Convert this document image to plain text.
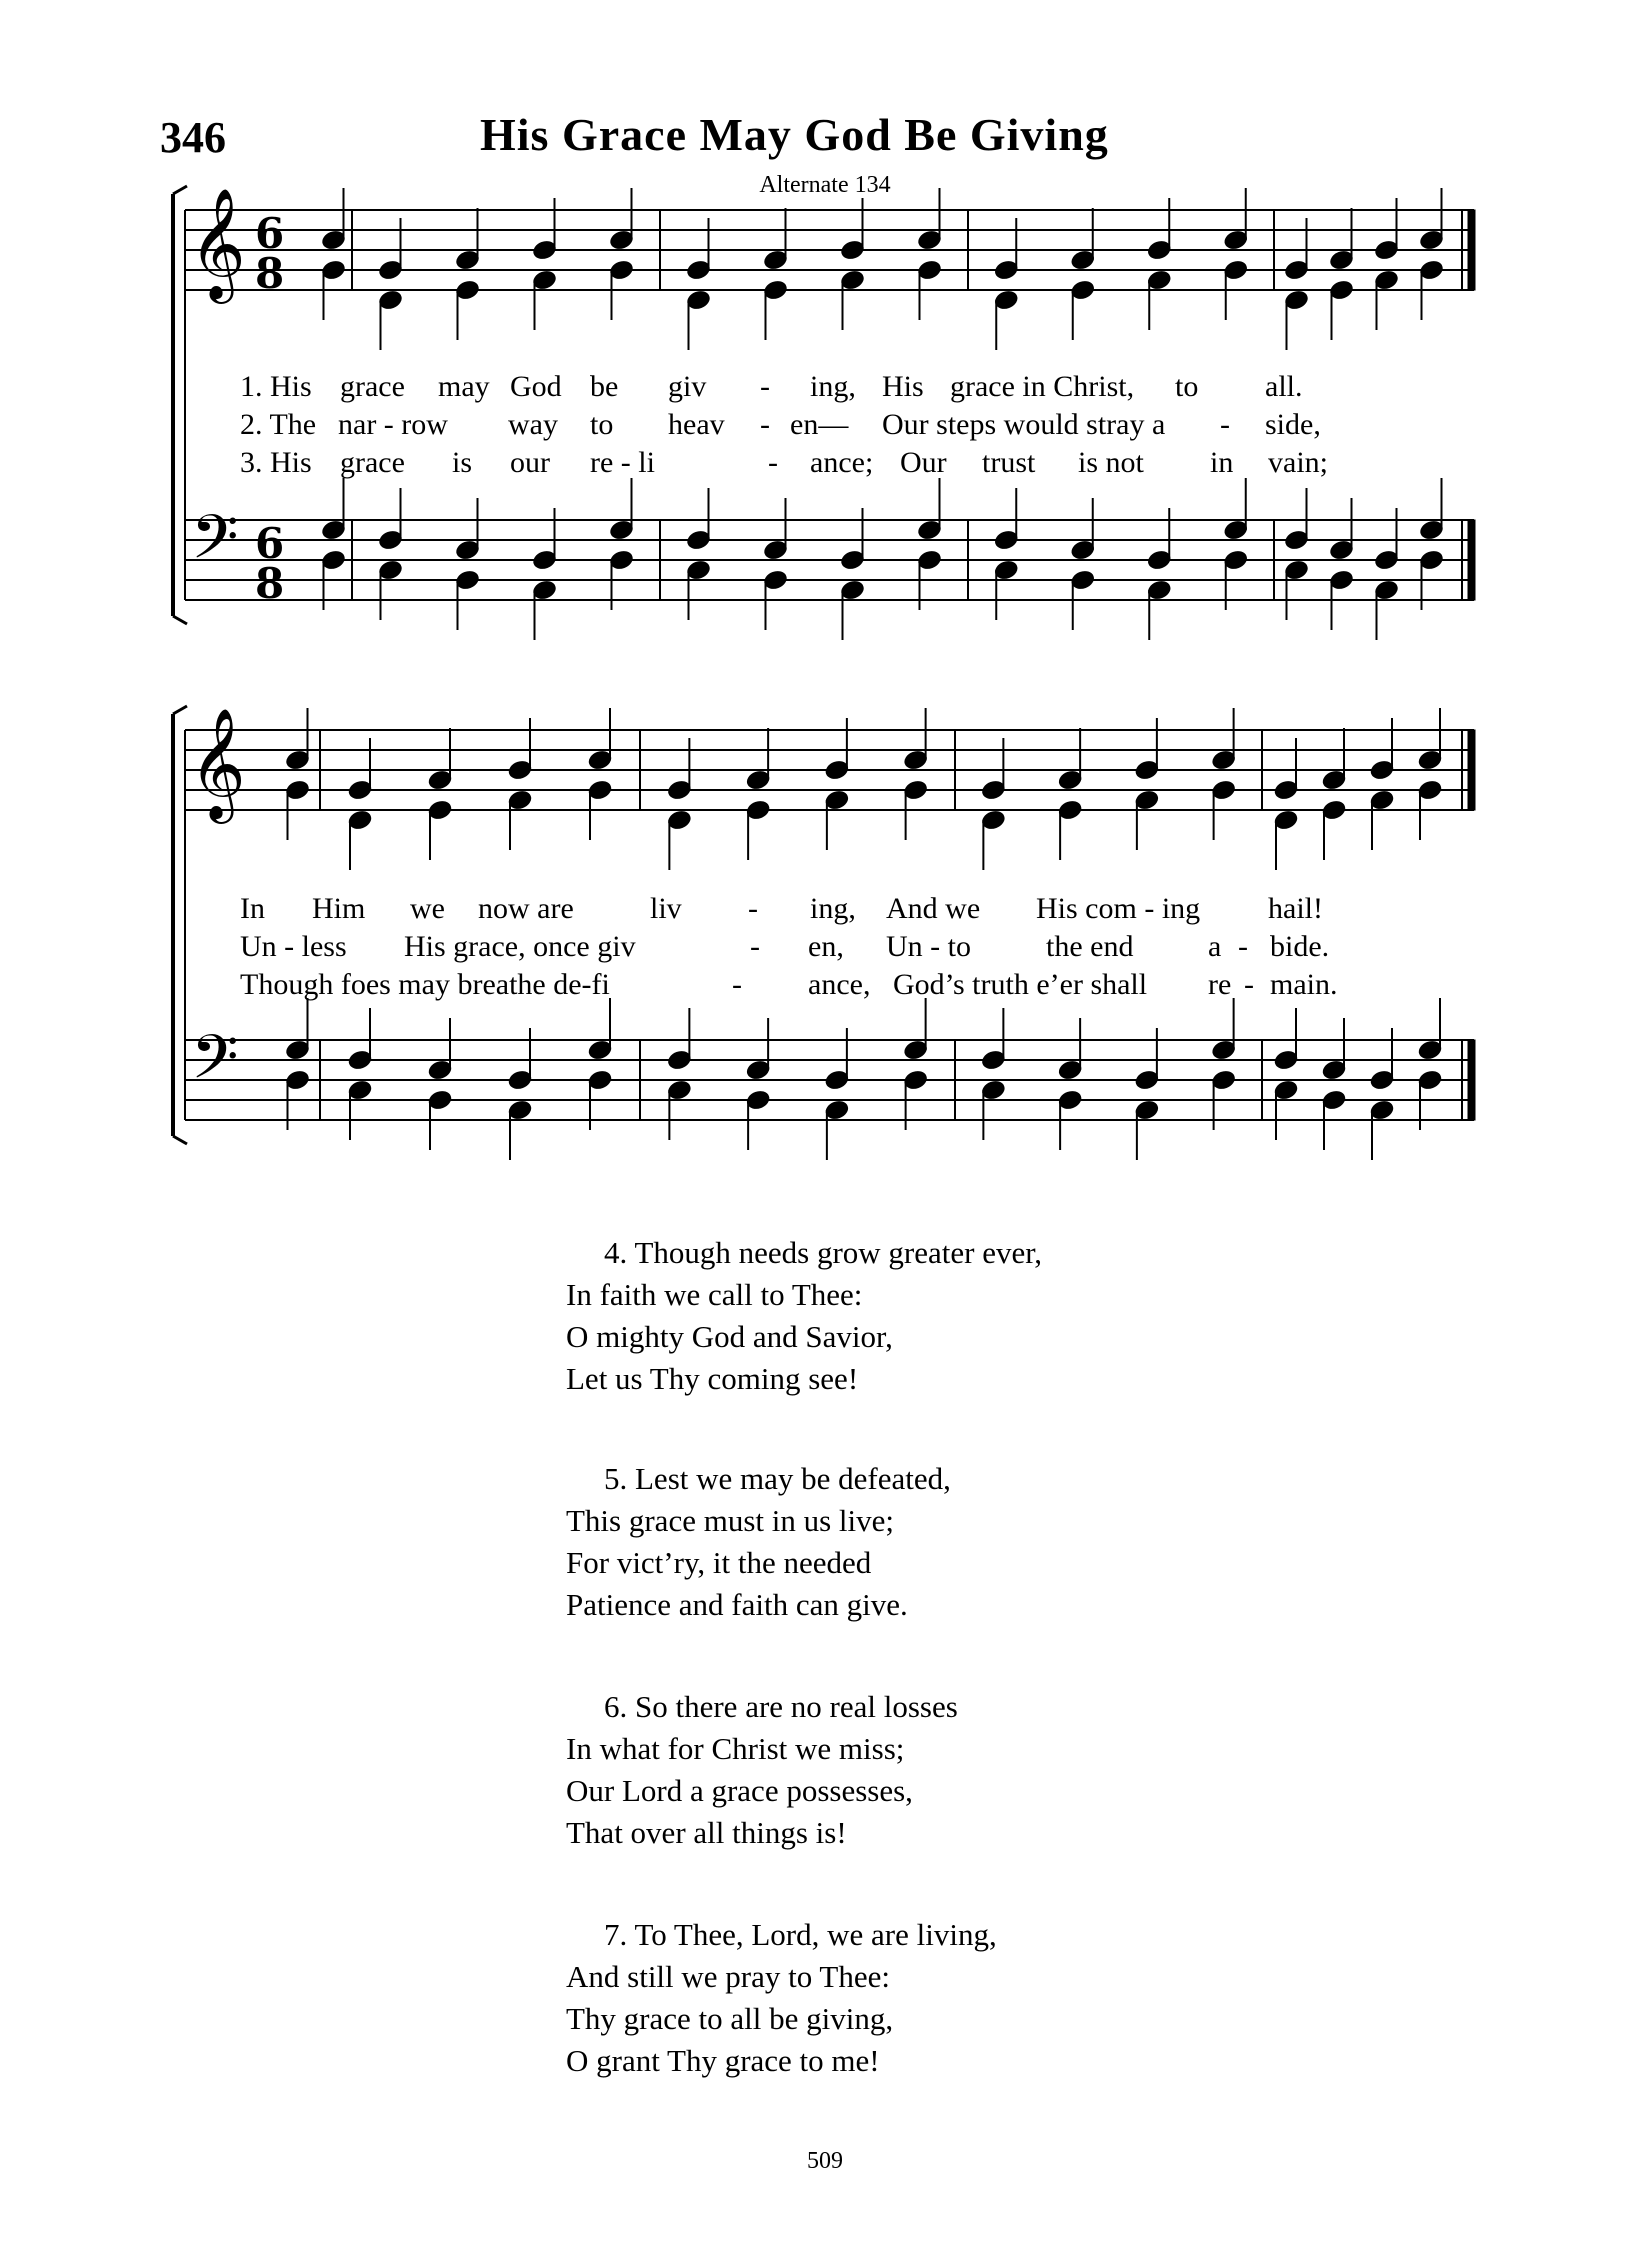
346	His Grace May God Be Giving
Alternate 134
𝄞
𝄢
6
8
6
8
𝄞
𝄢
1. His grace may God be giv - ing, His grace in Christ, to all.
2. The nar - row way to heav - en— Our steps would stray a - side,
3. His grace is our re - li	- ance; Our trust is not in vain;
In Him we now are	liv - ing, And we His com - ing hail!
Un - less His grace, once giv	- en, Un - to	the end a - bide.
Though foes may breathe de-fi	- ance, God’s truth e’er shall re - main.
4. Though needs grow greater ever,
In faith we call to Thee:
O mighty God and Savior,
Let us Thy coming see!
5. Lest we may be defeated,
This grace must in us live;
For vict’ry, it the needed
Patience and faith can give.
6. So there are no real losses
In what for Christ we miss;
Our Lord a grace possesses,
That over all things is!
7. To Thee, Lord, we are living,
And still we pray to Thee:
Thy grace to all be giving,
O grant Thy grace to me!
509
